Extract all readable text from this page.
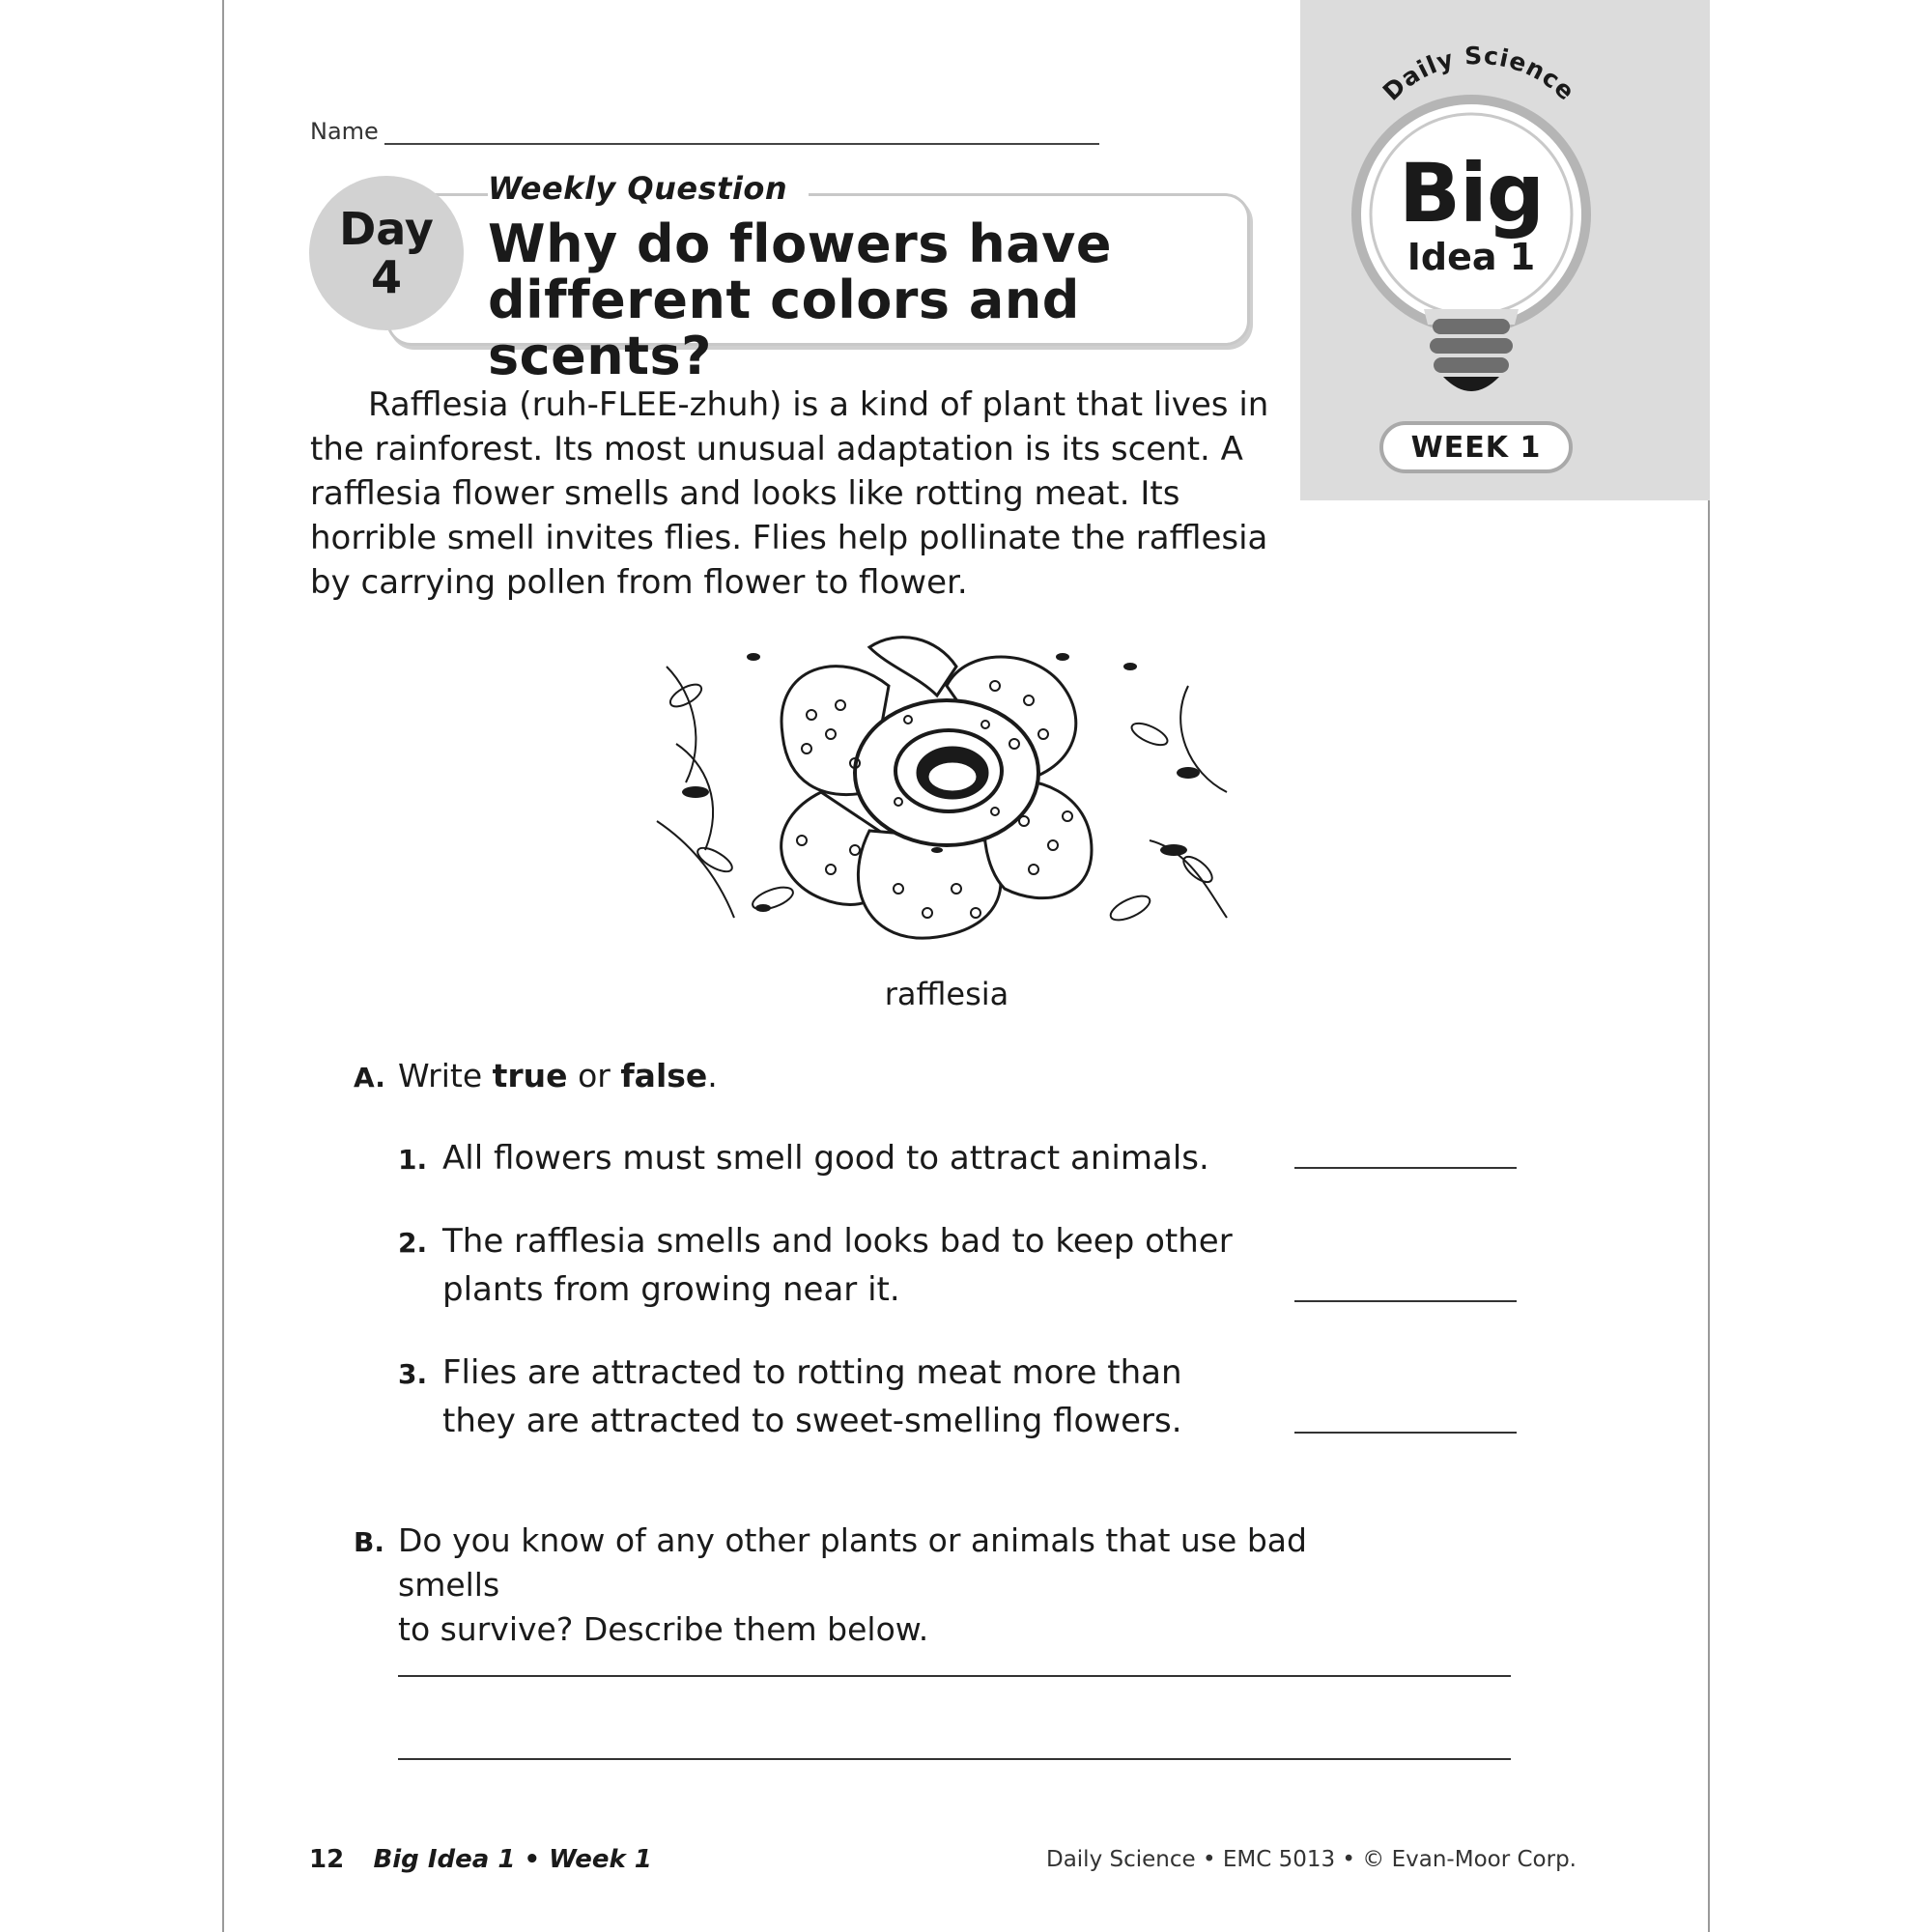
Name
Day
4
Weekly Question
Why do flowers have
different colors and scents?
Daily Science
Big
Idea 1
WEEK 1

Rafflesia (ruh-FLEE-zhuh) is a kind of plant that lives in the rainforest. Its most unusual adaptation is its scent. A rafflesia flower smells and looks like rotting meat. Its horrible smell invites flies. Flies help pollinate the rafflesia by carrying pollen from flower to flower.

rafflesia
A. Write true or false.
1. All flowers must smell good to attract animals.
2. The rafflesia smells and looks bad to keep other
plants from growing near it.
3. Flies are attracted to rotting meat more than
they are attracted to sweet-smelling flowers.
B. Do you know of any other plants or animals that use bad smells
to survive? Describe them below.
12 Big Idea 1 • Week 1	Daily Science • EMC 5013 • © Evan-Moor Corp.
